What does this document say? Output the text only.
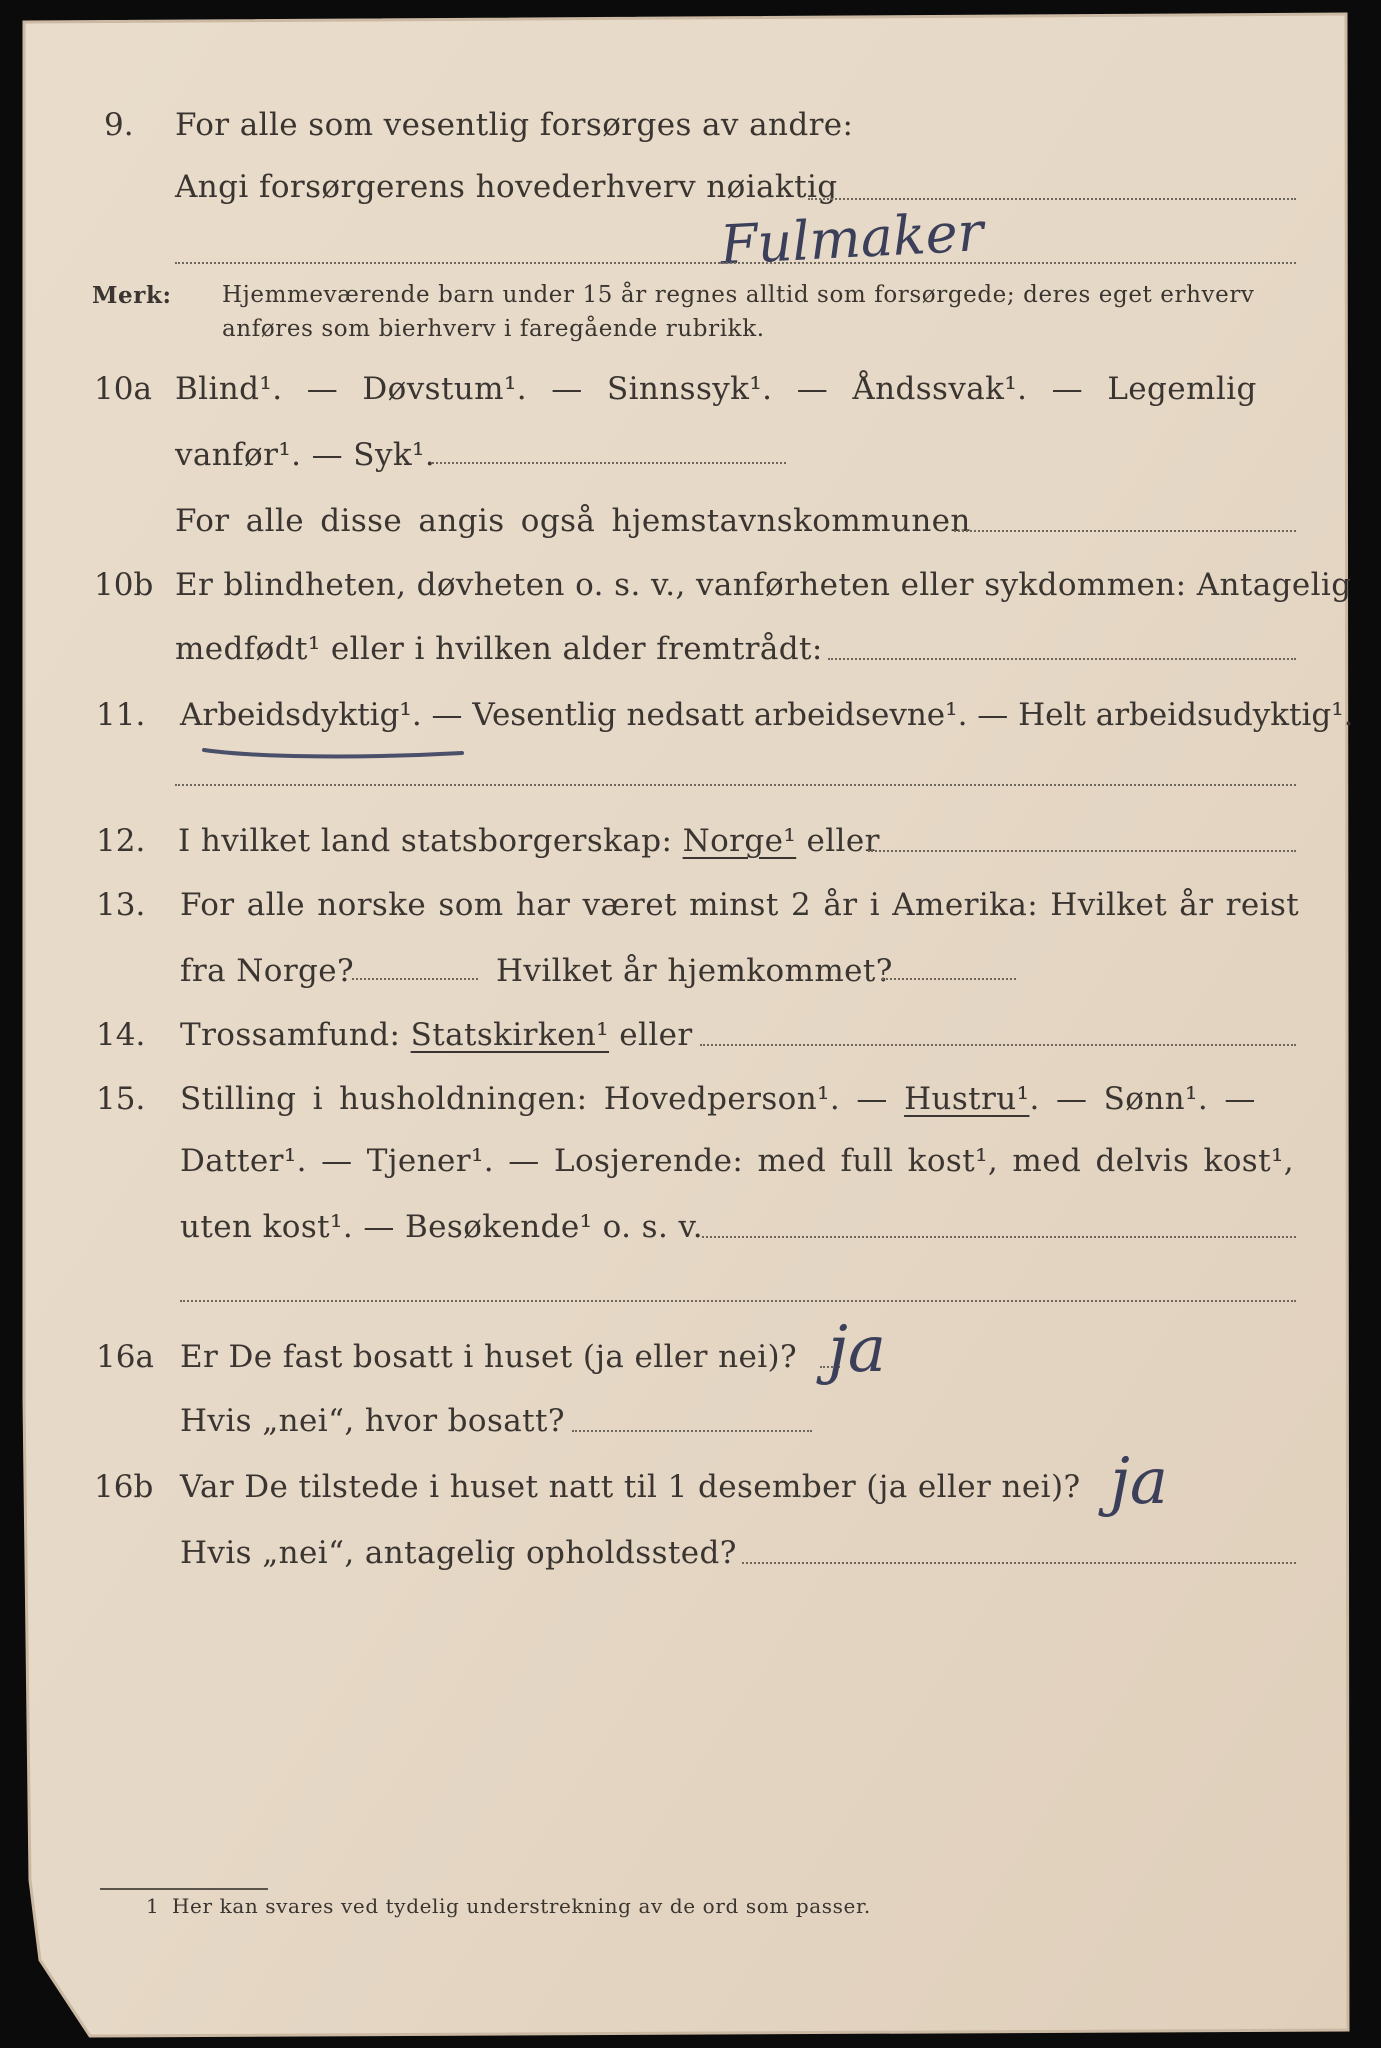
9. For alle som vesentlig forsørges av andre:
Angi forsørgerens hovederhverv nøiaktig
Fulmaker
Merk: Hjemmeværende barn under 15 år regnes alltid som forsørgede; deres eget erhverv
anføres som bierhverv i faregående rubrikk.
10a Blind¹. — Døvstum¹. — Sinnssyk¹. — Åndssvak¹. — Legemlig
vanfør¹. — Syk¹.
For alle disse angis også hjemstavnskommunen
10b Er blindheten, døvheten o. s. v., vanførheten eller sykdommen: Antagelig
medfødt¹ eller i hvilken alder fremtrådt:
11. Arbeidsdyktig¹. — Vesentlig nedsatt arbeidsevne¹. — Helt arbeidsudyktig¹.
12. I hvilket land statsborgerskap: Norge¹ eller
13. For alle norske som har været minst 2 år i Amerika: Hvilket år reist
fra Norge?	Hvilket år hjemkommet?
14. Trossamfund: Statskirken¹ eller
15. Stilling i husholdningen: Hovedperson¹. — Hustru¹. — Sønn¹. —
Datter¹. — Tjener¹. — Losjerende: med full kost¹, med delvis kost¹,
uten kost¹. — Besøkende¹ o. s. v.
16a Er De fast bosatt i huset (ja eller nei)? ja
Hvis „nei“, hvor bosatt?
16b Var De tilstede i huset natt til 1 desember (ja eller nei)? ja
Hvis „nei“, antagelig opholdssted?
1 Her kan svares ved tydelig understrekning av de ord som passer.
